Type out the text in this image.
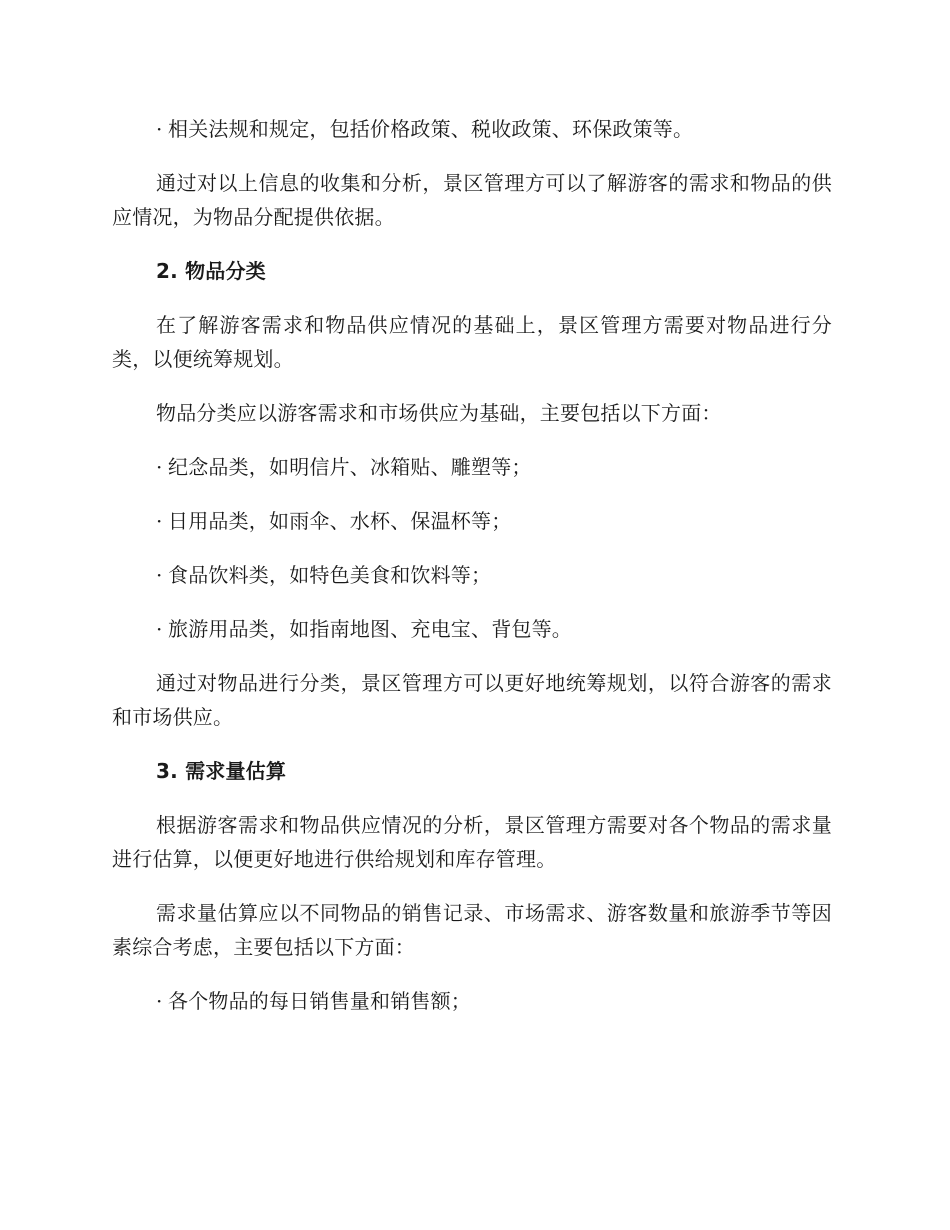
· 相关法规和规定，包括价格政策、税收政策、环保政策等。

通过对以上信息的收集和分析，景区管理方可以了解游客的需求和物品的供应情况，为物品分配提供依据。

2. 物品分类

在了解游客需求和物品供应情况的基础上，景区管理方需要对物品进行分类，以便统筹规划。

物品分类应以游客需求和市场供应为基础，主要包括以下方面：

· 纪念品类，如明信片、冰箱贴、雕塑等；
· 日用品类，如雨伞、水杯、保温杯等；
· 食品饮料类，如特色美食和饮料等；
· 旅游用品类，如指南地图、充电宝、背包等。

通过对物品进行分类，景区管理方可以更好地统筹规划，以符合游客的需求和市场供应。

3. 需求量估算

根据游客需求和物品供应情况的分析，景区管理方需要对各个物品的需求量进行估算，以便更好地进行供给规划和库存管理。

需求量估算应以不同物品的销售记录、市场需求、游客数量和旅游季节等因素综合考虑，主要包括以下方面：

· 各个物品的每日销售量和销售额；
